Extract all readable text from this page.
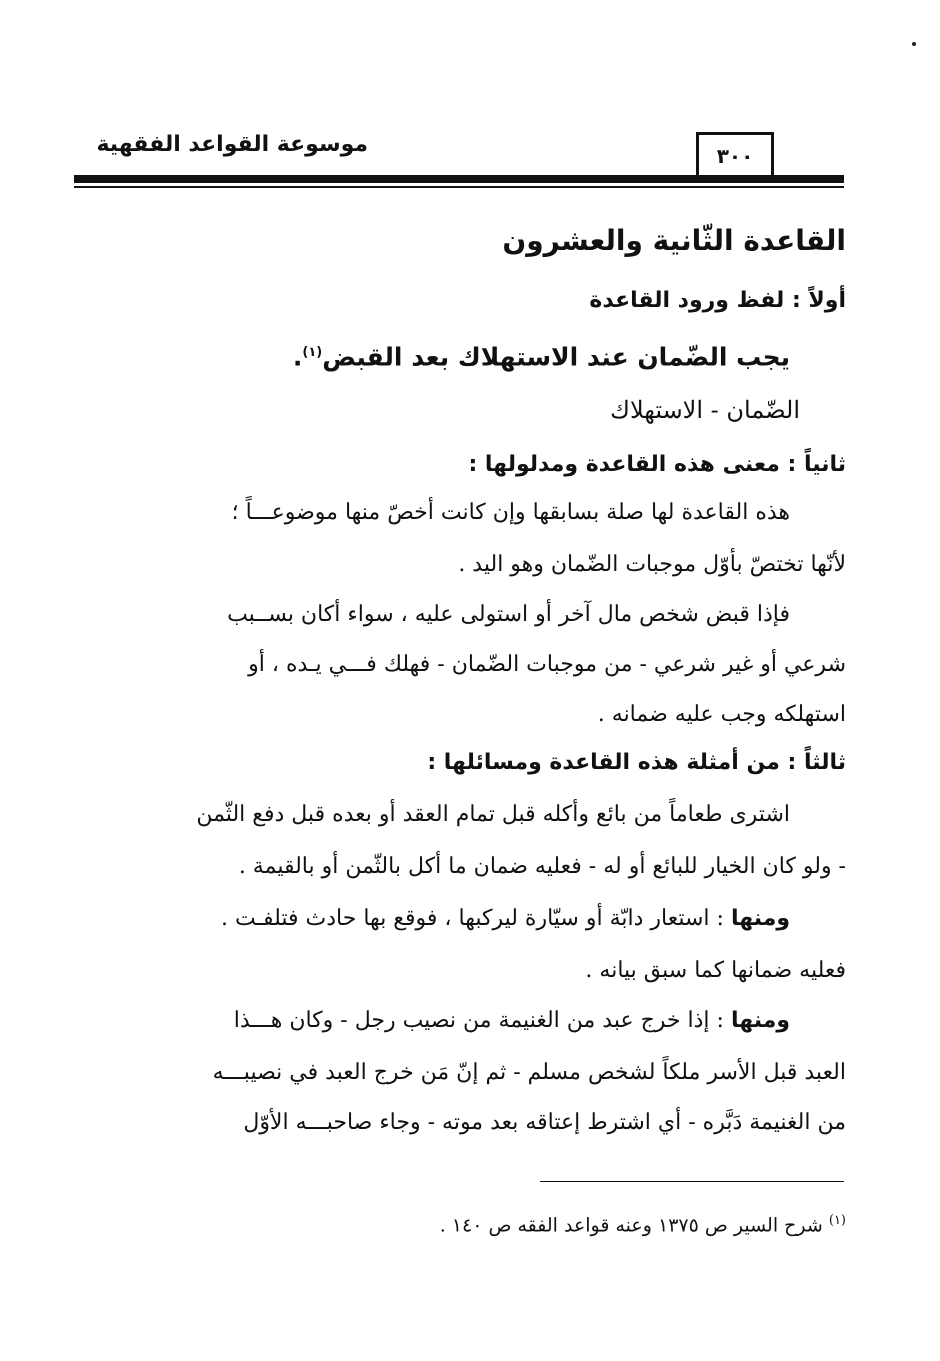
موسوعة القواعد الفقهية	٣٠٠
القاعدة الثّانية والعشرون
أولاً : لفظ ورود القاعدة
يجب الضّمان عند الاستهلاك بعد القبض$^{(١)}$.
الضّمان - الاستهلاك
ثانياً : معنى هذه القاعدة ومدلولها :
هذه القاعدة لها صلة بسابقها وإن كانت أخصّ منها موضوعـــاً ؛
لأنّها تختصّ بأوّل موجبات الضّمان وهو اليد .
فإذا قبض شخص مال آخر أو استولى عليه ، سواء أكان بســبب
شرعي أو غير شرعي - من موجبات الضّمان - فهلك فـــي يـده ، أو
استهلكه وجب عليه ضمانه .
ثالثاً : من أمثلة هذه القاعدة ومسائلها :
اشترى طعاماً من بائع وأكله قبل تمام العقد أو بعده قبل دفع الثّمن
- ولو كان الخيار للبائع أو له - فعليه ضمان ما أكل بالثّمن أو بالقيمة .
ومنها : استعار دابّة أو سيّارة ليركبها ، فوقع بها حادث فتلفـت .
فعليه ضمانها كما سبق بيانه .
ومنها : إذا خرج عبد من الغنيمة من نصيب رجل - وكان هـــذا
العبد قبل الأسر ملكاً لشخص مسلم - ثم إنّ مَن خرج العبد في نصيبـــه
من الغنيمة دَبَّره - أي اشترط إعتاقه بعد موته - وجاء صاحبـــه الأوّل
$^{(١)}$ شرح السير ص ١٣٧٥ وعنه قواعد الفقه ص ١٤٠ .
